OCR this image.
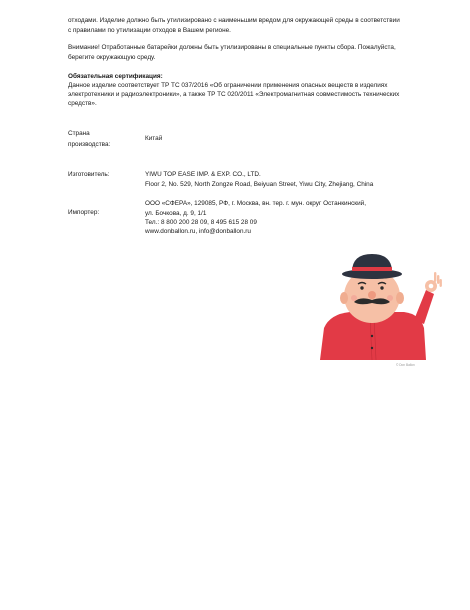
отходами. Изделие должно быть утилизировано с наименьшим вредом для окружающей среды в соответствии
с правилами по утилизации отходов в Вашем регионе.
Внимание! Отработанные батарейки должны быть утилизированы в специальные пункты сбора. Пожалуйста,
берегите окружающую среду.
Обязательная сертификация:
Данное изделие соответствует ТР ТС 037/2016 «Об ограничении применения опасных веществ в изделиях
электротехники и радиоэлектроники», а также ТР ТС 020/2011 «Электромагнитная совместимость технических
средств».
Страна
производства:
Китай
Изготовитель:	YIWU TOP EASE IMP. & EXP. CO., LTD.
Floor 2, No. 529, North Zongze Road, Beiyuan Street, Yiwu City, Zhejiang, China
Импортер:
ООО «СФЕРА», 129085, РФ, г. Москва, вн. тер. г. мун. округ Останкинский,
ул. Бочкова, д. 9, 1/1
Тел.: 8 800 200 28 09, 8 495 615 28 09
www.donballon.ru, info@donballon.ru
© Don Ballon
